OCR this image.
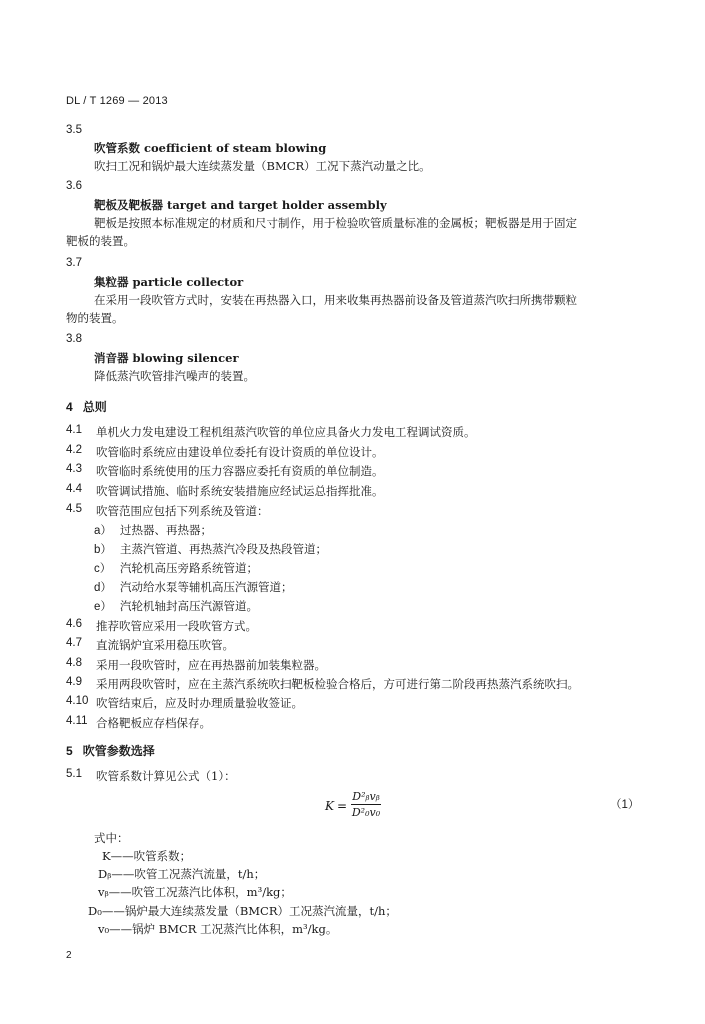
DL / T 1269 — 2013
3.5
吹管系数 coefficient of steam blowing
吹扫工况和锅炉最大连续蒸发量（BMCR）工况下蒸汽动量之比。
3.6
靶板及靶板器 target and target holder assembly
靶板是按照本标准规定的材质和尺寸制作，用于检验吹管质量标准的金属板；靶板器是用于固定
靶板的装置。
3.7
集粒器 particle collector
在采用一段吹管方式时，安装在再热器入口，用来收集再热器前设备及管道蒸汽吹扫所携带颗粒
物的装置。
3.8
消音器 blowing silencer
降低蒸汽吹管排汽噪声的装置。
4 总则
4.1 单机火力发电建设工程机组蒸汽吹管的单位应具备火力发电工程调试资质。
4.2 吹管临时系统应由建设单位委托有设计资质的单位设计。
4.3 吹管临时系统使用的压力容器应委托有资质的单位制造。
4.4 吹管调试措施、临时系统安装措施应经试运总指挥批准。
4.5 吹管范围应包括下列系统及管道：
a） 过热器、再热器；
b） 主蒸汽管道、再热蒸汽冷段及热段管道；
c） 汽轮机高压旁路系统管道；
d） 汽动给水泵等辅机高压汽源管道；
e） 汽轮机轴封高压汽源管道。
4.6 推荐吹管应采用一段吹管方式。
4.7 直流锅炉宜采用稳压吹管。
4.8 采用一段吹管时，应在再热器前加装集粒器。
4.9 采用两段吹管时，应在主蒸汽系统吹扫靶板检验合格后，方可进行第二阶段再热蒸汽系统吹扫。
4.10 吹管结束后，应及时办理质量验收签证。
4.11 合格靶板应存档保存。
5 吹管参数选择
5.1 吹管系数计算见公式（1）：
K =
D²ᵦvᵦ
D²₀v₀
（1）
式中：
K——吹管系数；
Dᵦ——吹管工况蒸汽流量，t/h；
vᵦ——吹管工况蒸汽比体积，m³/kg；
D₀——锅炉最大连续蒸发量（BMCR）工况蒸汽流量，t/h；
v₀——锅炉 BMCR 工况蒸汽比体积，m³/kg。
2
